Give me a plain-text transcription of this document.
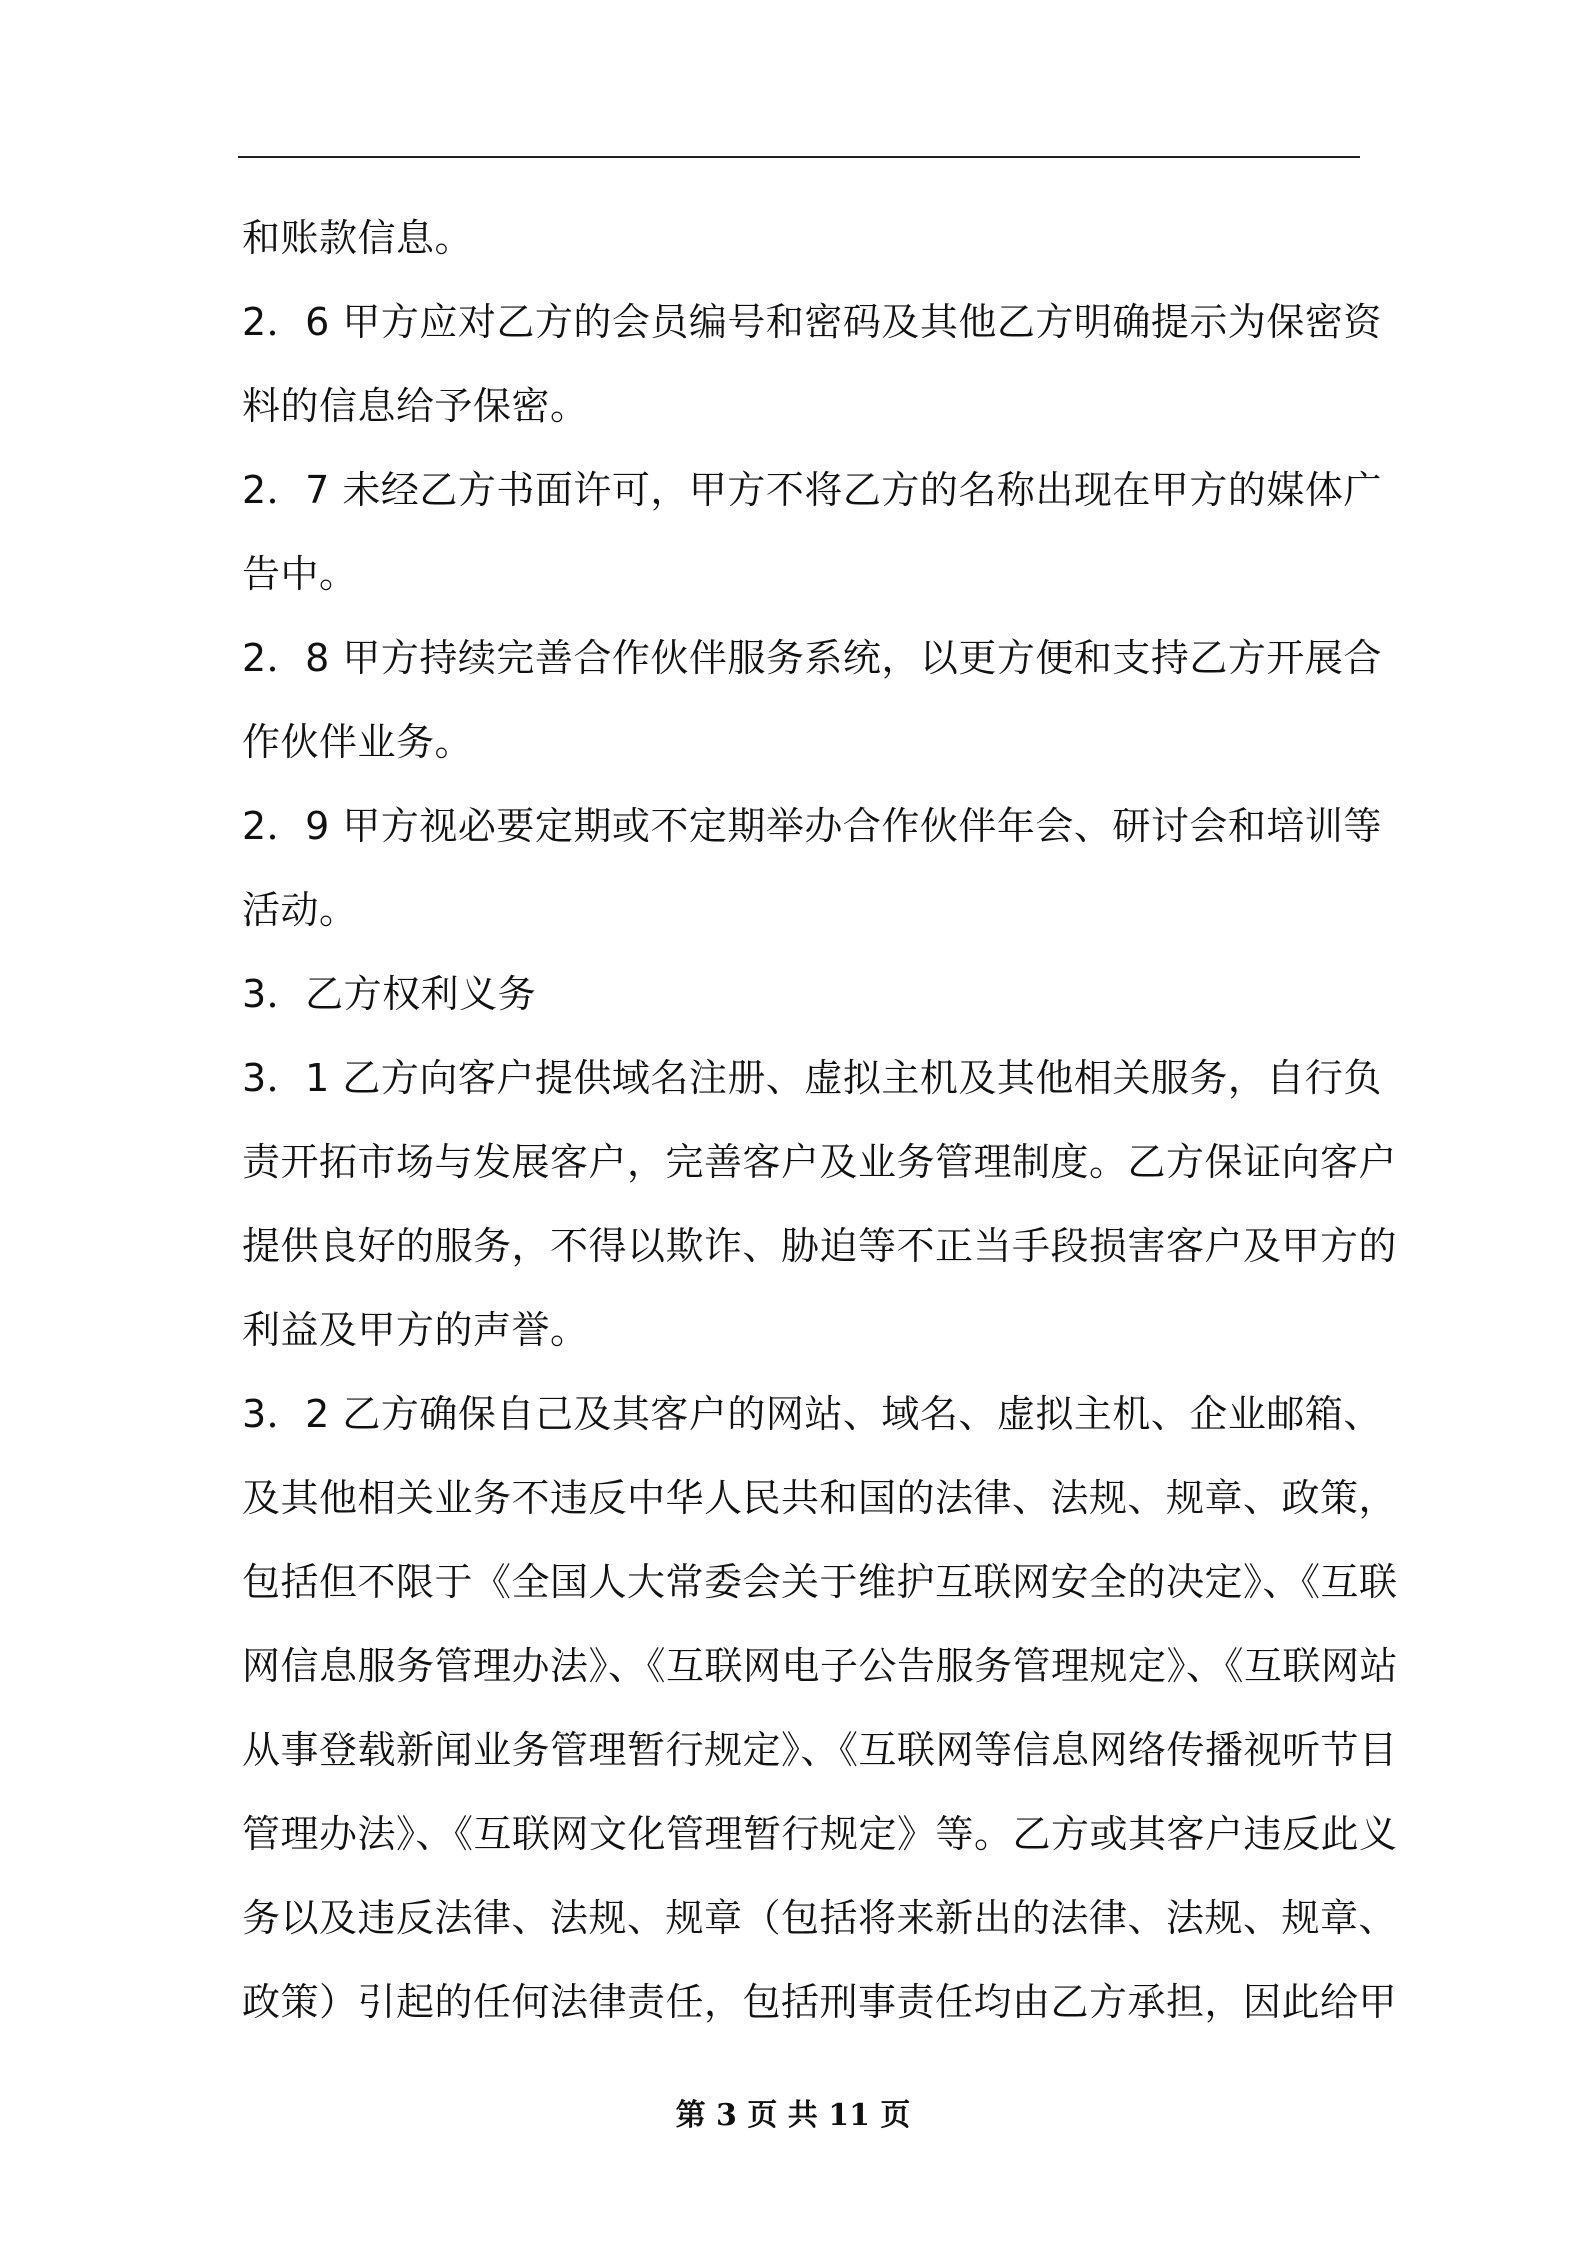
和账款信息。
2．6 甲方应对乙方的会员编号和密码及其他乙方明确提示为保密资
料的信息给予保密。
2．7 未经乙方书面许可，甲方不将乙方的名称出现在甲方的媒体广
告中。
2．8 甲方持续完善合作伙伴服务系统，以更方便和支持乙方开展合
作伙伴业务。
2．9 甲方视必要定期或不定期举办合作伙伴年会、研讨会和培训等
活动。
3．乙方权利义务
3．1 乙方向客户提供域名注册、虚拟主机及其他相关服务，自行负
责开拓市场与发展客户，完善客户及业务管理制度。乙方保证向客户
提供良好的服务，不得以欺诈、胁迫等不正当手段损害客户及甲方的
利益及甲方的声誉。
3．2 乙方确保自己及其客户的网站、域名、虚拟主机、企业邮箱、
及其他相关业务不违反中华人民共和国的法律、法规、规章、政策，
包括但不限于《全国人大常委会关于维护互联网安全的决定》、《互联
网信息服务管理办法》、《互联网电子公告服务管理规定》、《互联网站
从事登载新闻业务管理暂行规定》、《互联网等信息网络传播视听节目
管理办法》、《互联网文化管理暂行规定》等。乙方或其客户违反此义
务以及违反法律、法规、规章（包括将来新出的法律、法规、规章、
政策）引起的任何法律责任，包括刑事责任均由乙方承担，因此给甲
第 3 页 共 11 页
